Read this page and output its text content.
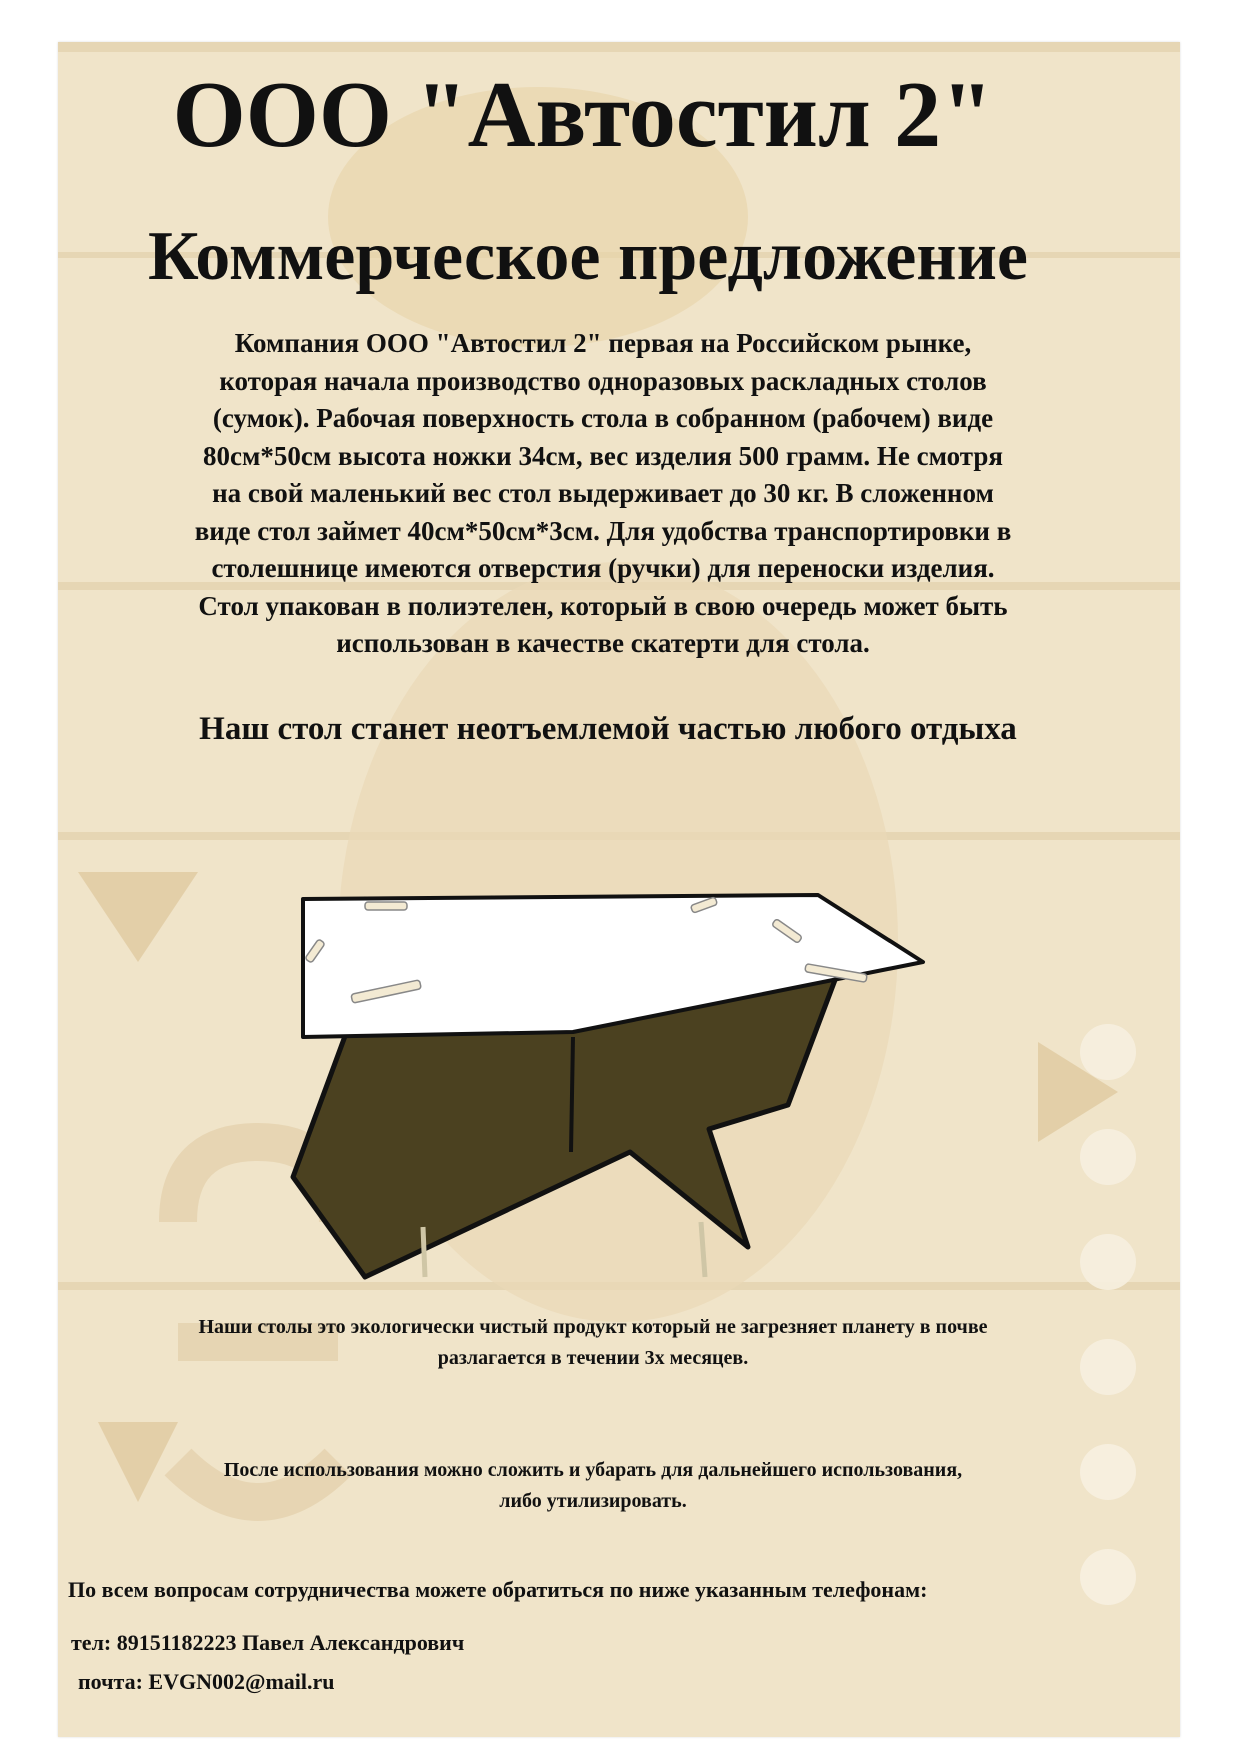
ООО "Автостил 2"
Коммерческое предложение
Компания ООО "Автостил 2" первая на Российском рынке,
которая начала производство одноразовых раскладных столов
(сумок). Рабочая поверхность стола в собранном (рабочем) виде
80см*50см высота ножки 34см, вес изделия 500 грамм. Не смотря
на свой маленький вес стол выдерживает до 30 кг. В сложенном
виде стол займет 40см*50см*3см. Для удобства транспортировки в
столешнице имеются отверстия (ручки) для переноски изделия.
Стол упакован в полиэтелен, который в свою очередь может быть
использован в качестве скатерти для стола.
Наш стол станет неотъемлемой частью любого отдыха
Наши столы это экологически чистый продукт который не загрезняет планету в почве
разлагается в течении 3х месяцев.
После использования можно сложить и убарать для дальнейшего использования,
либо утилизировать.
По всем вопросам сотрудничества можете обратиться по ниже указанным телефонам:
тел: 89151182223 Павел Александрович
почта: EVGN002@mail.ru
